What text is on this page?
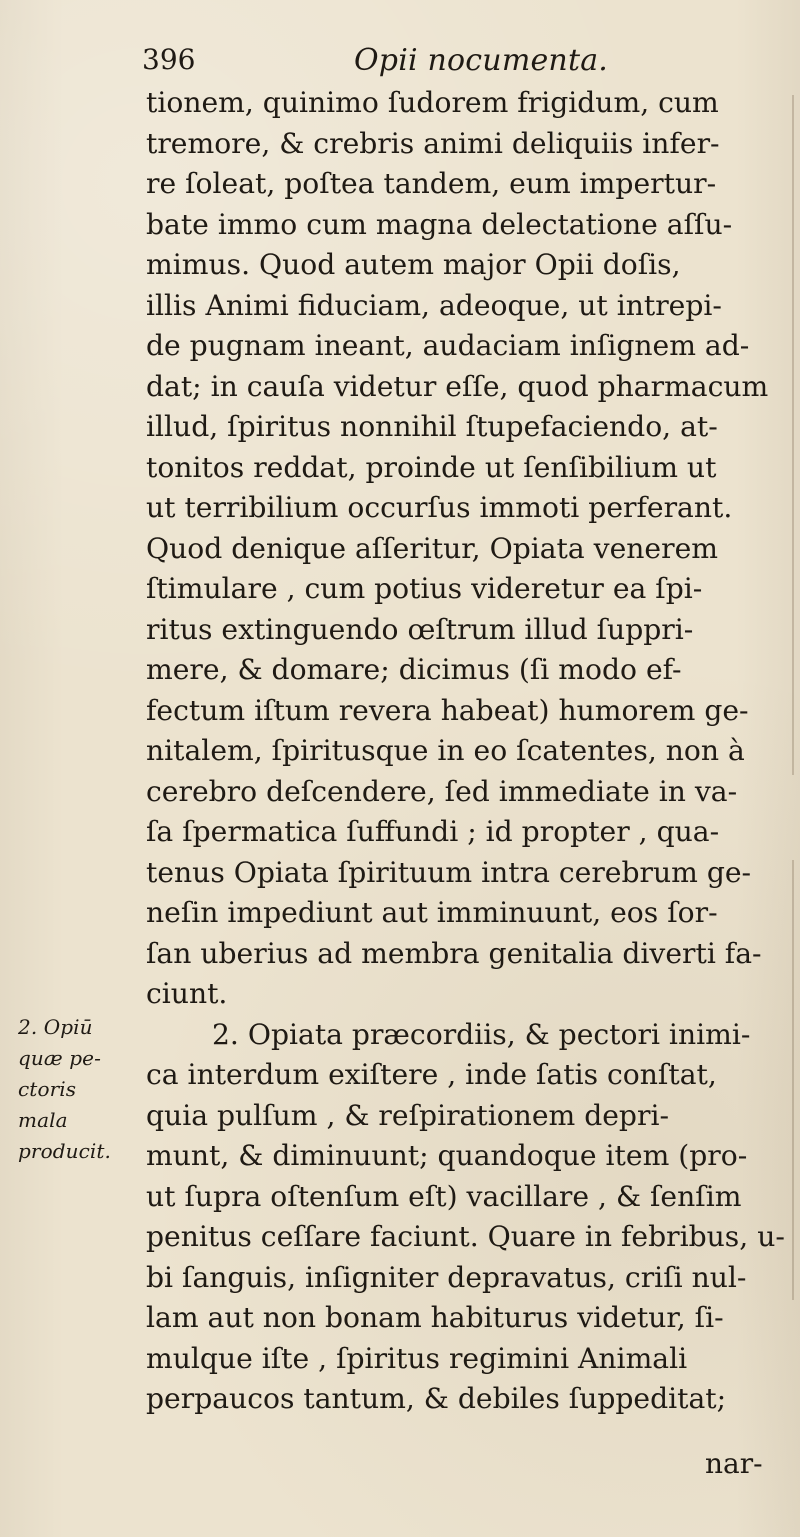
396	Opii nocumenta.
tionem, quinimo ſudorem frigidum, cum
tremore, & crebris animi deliquiis infer-
re ſoleat, poſtea tandem, eum impertur-
bate immo cum magna delectatione aſſu-
mimus. Quod autem major Opii doſis,
illis Animi fiduciam, adeoque, ut intrepi-
de pugnam ineant, audaciam inſignem ad-
dat; in cauſa videtur eſſe, quod pharmacum
illud, ſpiritus nonnihil ſtupefaciendo, at-
tonitos reddat, proinde ut ſenſibilium ut
ut terribilium occurſus immoti perferant.
Quod denique aſſeritur, Opiata venerem
ſtimulare , cum potius videretur ea ſpi-
ritus extinguendo œſtrum illud ſuppri-
mere, & domare; dicimus (ſi modo ef-
fectum iſtum revera habeat) humorem ge-
nitalem, ſpiritusque in eo ſcatentes, non à
cerebro deſcendere, ſed immediate in va-
ſa ſpermatica ſuffundi ; id propter , qua-
tenus Opiata ſpirituum intra cerebrum ge-
neſin impediunt aut imminuunt, eos ſor-
ſan uberius ad membra genitalia diverti fa-
ciunt.
2. Opiata præcordiis, & pectori inimi-
ca interdum exiſtere , inde ſatis conſtat,
quia pulſum , & reſpirationem depri-
munt, & diminuunt; quandoque item (pro-
ut ſupra oſtenſum eſt) vacillare , & ſenſim
penitus ceſſare faciunt. Quare in febribus, u-
bi ſanguis, inſigniter depravatus, criſi nul-
lam aut non bonam habiturus videtur, ſi-
mulque iſte , ſpiritus regimini Animali
perpaucos tantum, & debiles ſuppeditat;
2. Opiū
quæ pe-
ctoris
mala
producit.
nar-
